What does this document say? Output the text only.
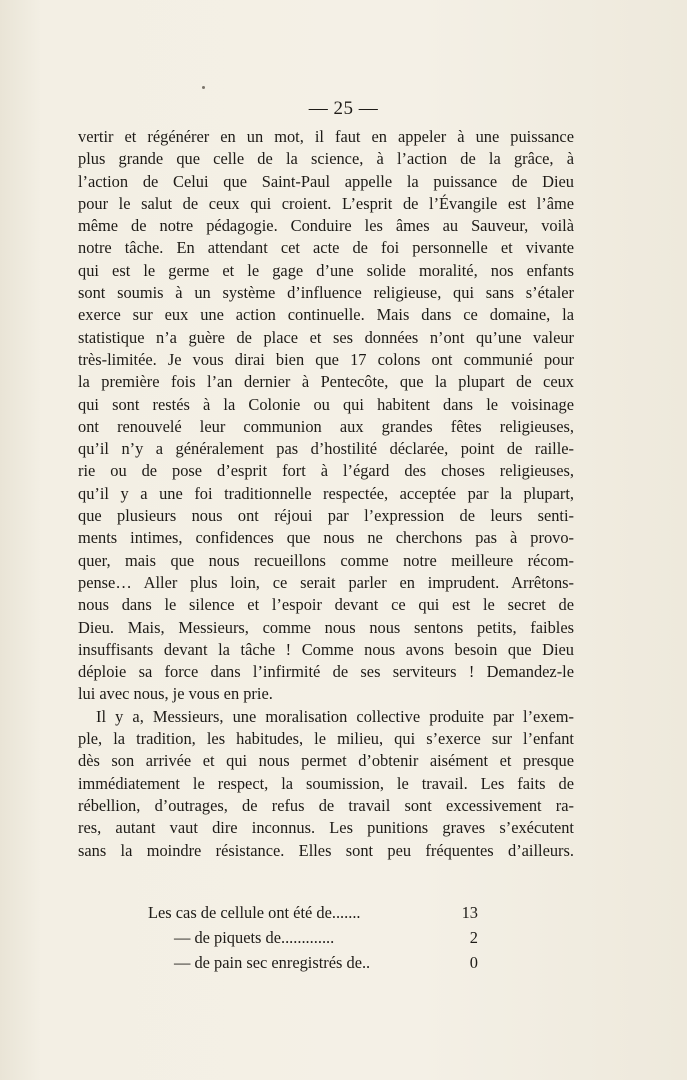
— 25 —
vertir et régénérer en un mot, il faut en appeler à une puissance
plus grande que celle de la science, à l’action de la grâce, à
l’action de Celui que Saint-Paul appelle la puissance de Dieu
pour le salut de ceux qui croient. L’esprit de l’Évangile est l’âme
même de notre pédagogie. Conduire les âmes au Sauveur, voilà
notre tâche. En attendant cet acte de foi personnelle et vivante
qui est le germe et le gage d’une solide moralité, nos enfants
sont soumis à un système d’influence religieuse, qui sans s’étaler
exerce sur eux une action continuelle. Mais dans ce domaine, la
statistique n’a guère de place et ses données n’ont qu’une valeur
très-limitée. Je vous dirai bien que 17 colons ont communié pour
la première fois l’an dernier à Pentecôte, que la plupart de ceux
qui sont restés à la Colonie ou qui habitent dans le voisinage
ont renouvelé leur communion aux grandes fêtes religieuses,
qu’il n’y a généralement pas d’hostilité déclarée, point de raille-
rie ou de pose d’esprit fort à l’égard des choses religieuses,
qu’il y a une foi traditionnelle respectée, acceptée par la plupart,
que plusieurs nous ont réjoui par l’expression de leurs senti-
ments intimes, confidences que nous ne cherchons pas à provo-
quer, mais que nous recueillons comme notre meilleure récom-
pense… Aller plus loin, ce serait parler en imprudent. Arrêtons-
nous dans le silence et l’espoir devant ce qui est le secret de
Dieu. Mais, Messieurs, comme nous nous sentons petits, faibles
insuffisants devant la tâche ! Comme nous avons besoin que Dieu
déploie sa force dans l’infirmité de ses serviteurs ! Demandez-le
lui avec nous, je vous en prie.
Il y a, Messieurs, une moralisation collective produite par l’exem-
ple, la tradition, les habitudes, le milieu, qui s’exerce sur l’enfant
dès son arrivée et qui nous permet d’obtenir aisément et presque
immédiatement le respect, la soumission, le travail. Les faits de
rébellion, d’outrages, de refus de travail sont excessivement ra-
res, autant vaut dire inconnus. Les punitions graves s’exécutent
sans la moindre résistance. Elles sont peu fréquentes d’ailleurs.
Les cas de cellule ont été de.......	13
— de piquets de.............	2
— de pain sec enregistrés de..	0
